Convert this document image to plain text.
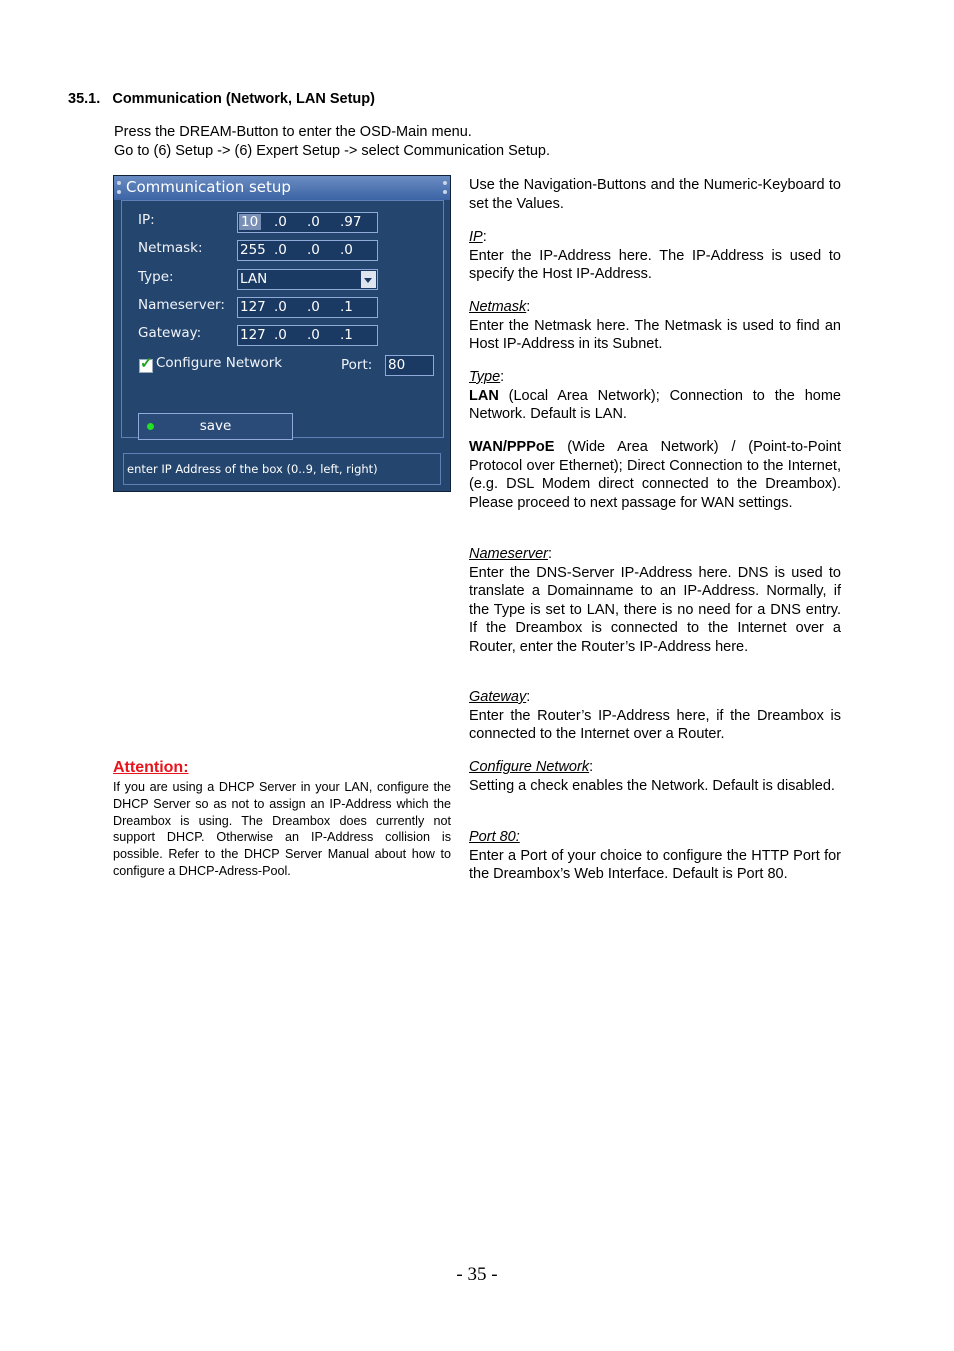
35.1. Communication (Network, LAN Setup)
Press the DREAM-Button to enter the OSD-Main menu.
Go to (6) Setup -> (6) Expert Setup -> select Communication Setup.
Communication setup
IP:	10 .0 .0 .97
Netmask:	255 .0 .0 .0
Type:	LAN
Nameserver: 127 .0 .0 .1
Gateway:	127 .0 .0 .1
✓ Configure Network	Port: 80
save
enter IP Address of the box (0..9, left, right)

Use the Navigation-Buttons and the Numeric-Keyboard to set the Values.

IP:

Enter the IP-Address here. The IP-Address is used to specify the Host IP-Address.

Netmask:

Enter the Netmask here. The Netmask is used to find an Host IP-Address in its Subnet.

Type:

LAN (Local Area Network); Connection to the home Network. Default is LAN.

WAN/PPPoE (Wide Area Network) / (Point-to-Point Protocol over Ethernet); Direct Connection to the Internet, (e.g. DSL Modem direct connected to the Dreambox). Please proceed to next passage for WAN settings.

Nameserver:

Enter the DNS-Server IP-Address here. DNS is used to translate a Domainname to an IP-Address. Normally, if the Type is set to LAN, there is no need for a DNS entry. If the Dreambox is connected to the Internet over a Router, enter the Router’s IP-Address here.

Gateway:

Enter the Router’s IP-Address here, if the Dreambox is connected to the Internet over a Router.

Configure Network:

Setting a check enables the Network. Default is disabled.

Port 80:

Enter a Port of your choice to configure the HTTP Port for the Dreambox’s Web Interface. Default is Port 80.

Attention:
If you are using a DHCP Server in your LAN, configure the DHCP Server so as not to assign an IP-Address which the Dreambox is using. The Dreambox does currently not support DHCP. Otherwise an IP-Address collision is possible. Refer to the DHCP Server Manual about how to configure a DHCP-Adress-Pool.
- 35 -
